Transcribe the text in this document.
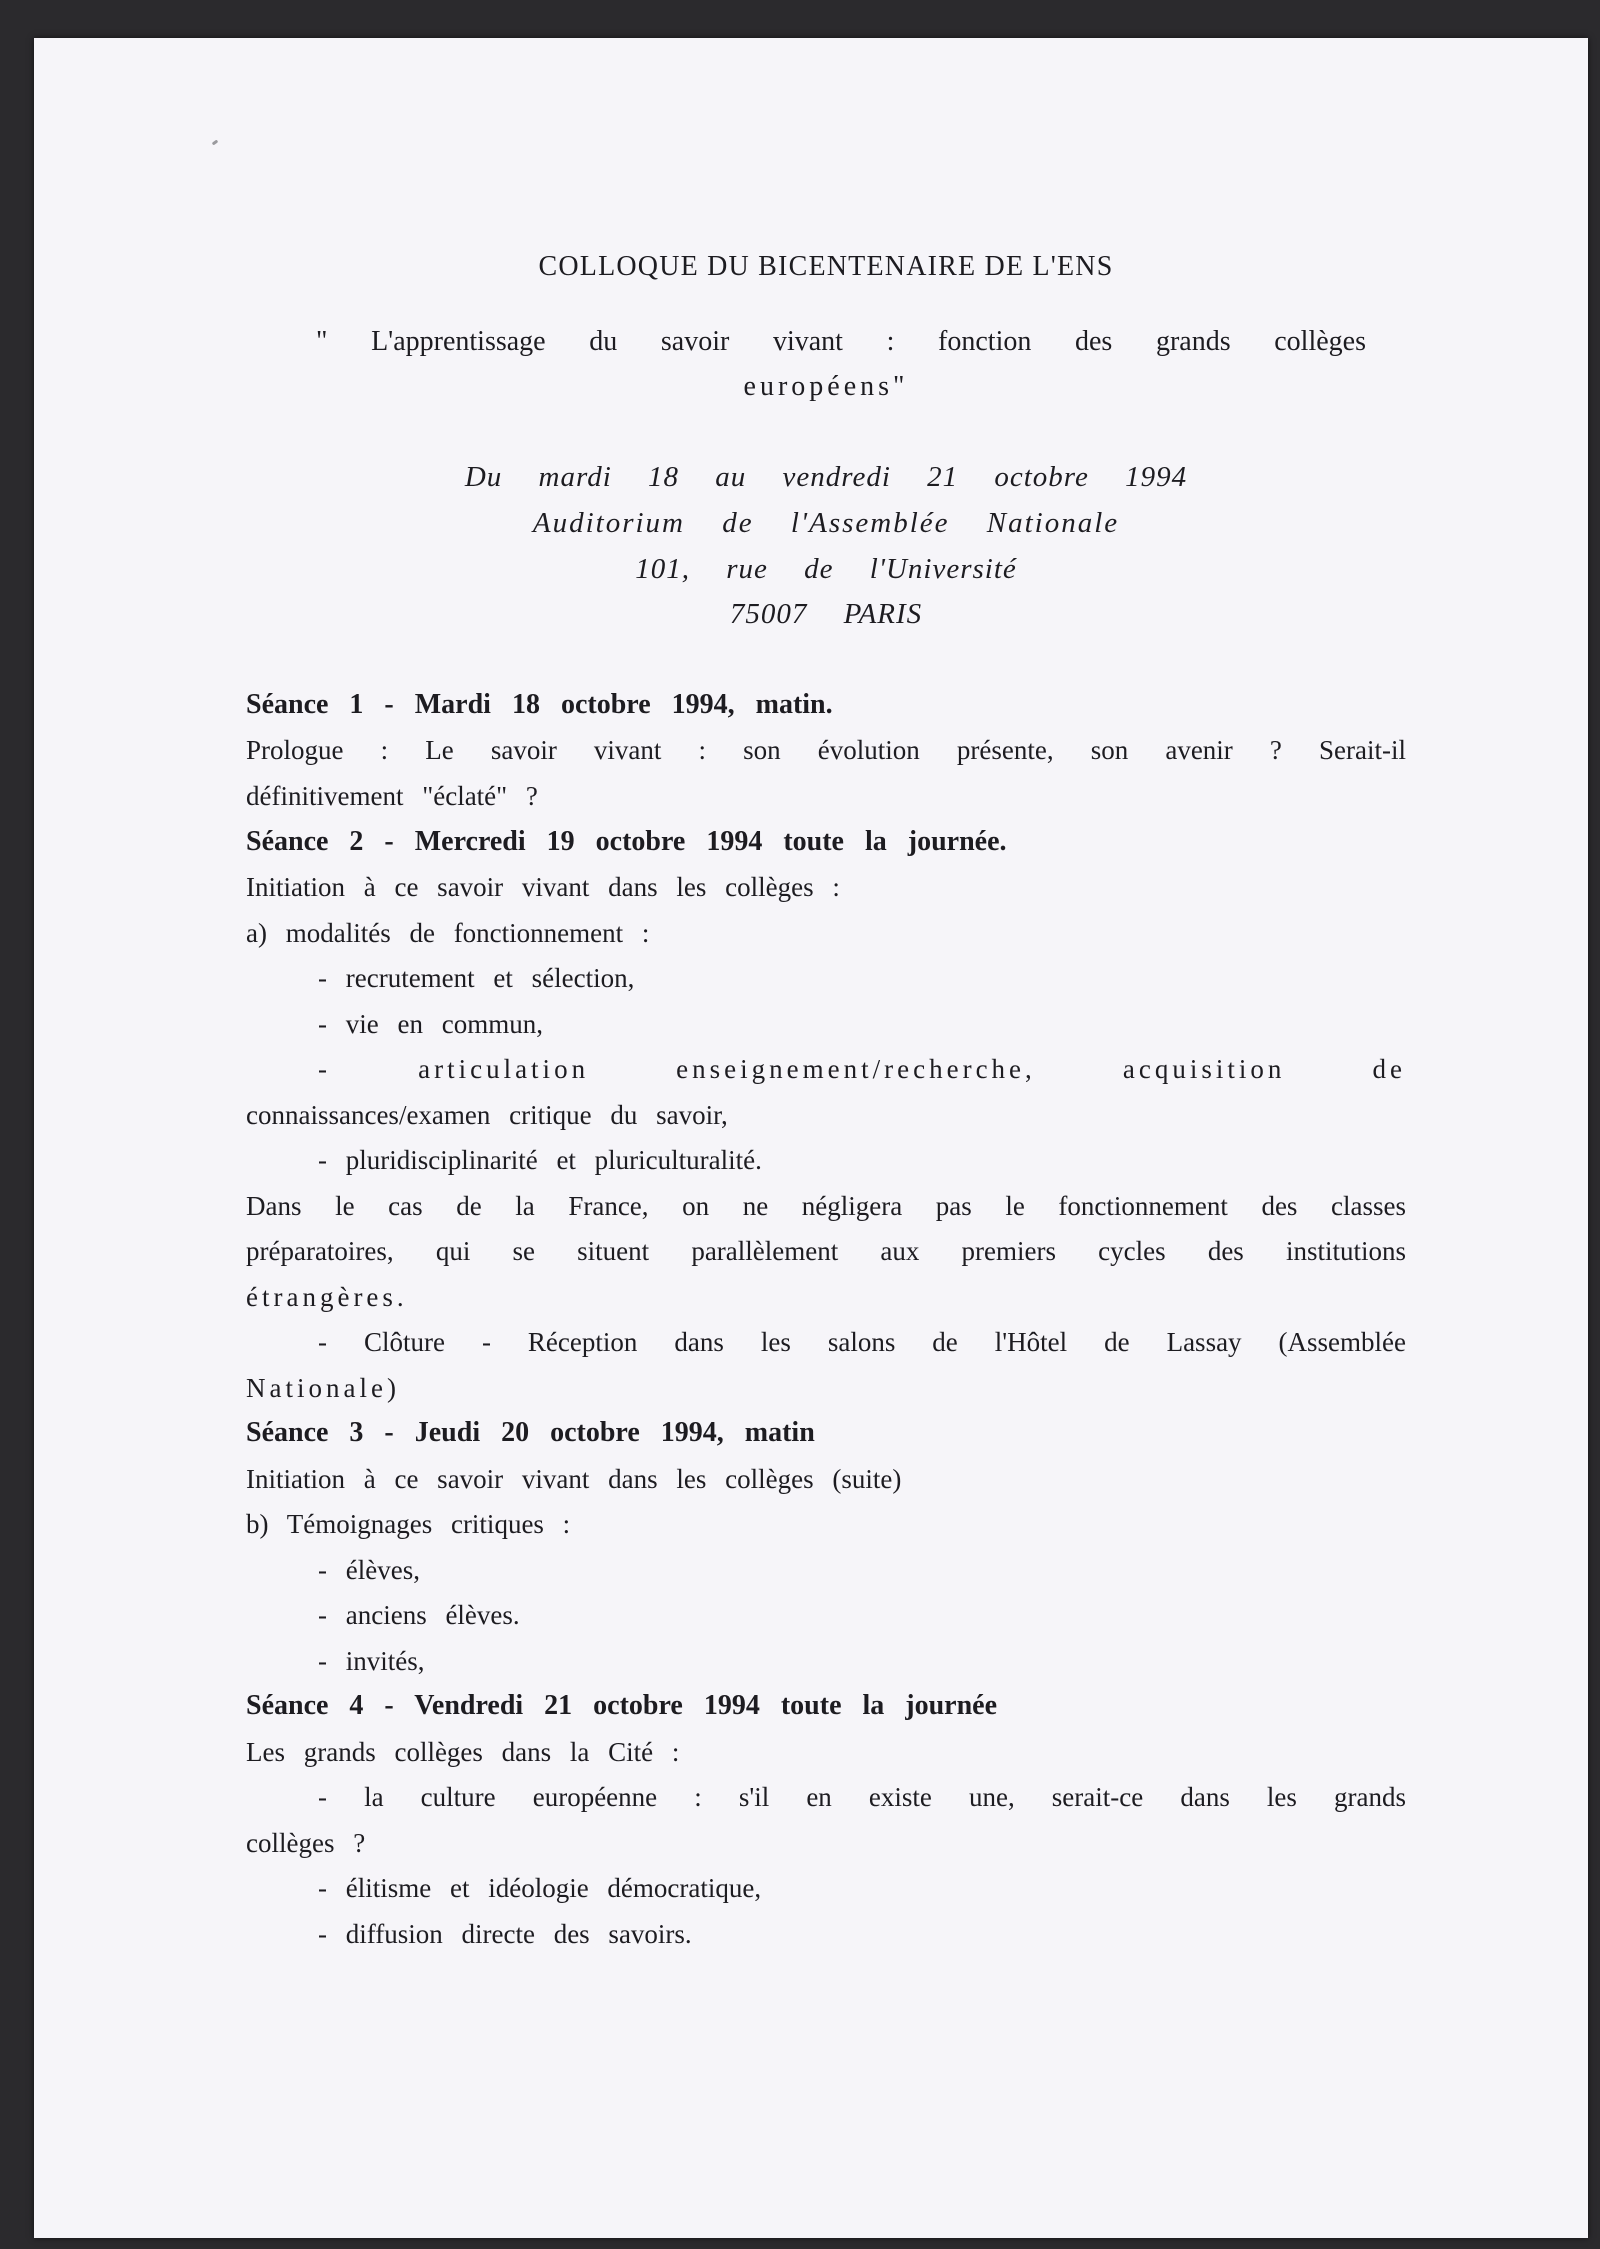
COLLOQUE DU BICENTENAIRE DE L'ENS
" L'apprentissage du savoir vivant : fonction des grands collèges
européens"
Du mardi 18 au vendredi 21 octobre 1994
Auditorium de l'Assemblée Nationale
101, rue de l'Université
75007 PARIS
Séance 1 - Mardi 18 octobre 1994, matin.
Prologue : Le savoir vivant : son évolution présente, son avenir ? Serait-il
définitivement "éclaté" ?
Séance 2 - Mercredi 19 octobre 1994 toute la journée.
Initiation à ce savoir vivant dans les collèges :
a) modalités de fonctionnement :
- recrutement et sélection,
- vie en commun,
- articulation enseignement/recherche, acquisition de
connaissances/examen critique du savoir,
- pluridisciplinarité et pluriculturalité.
Dans le cas de la France, on ne négligera pas le fonctionnement des classes
préparatoires, qui se situent parallèlement aux premiers cycles des institutions
étrangères.
- Clôture - Réception dans les salons de l'Hôtel de Lassay (Assemblée
Nationale)
Séance 3 - Jeudi 20 octobre 1994, matin
Initiation à ce savoir vivant dans les collèges (suite)
b) Témoignages critiques :
- élèves,
- anciens élèves.
- invités,
Séance 4 - Vendredi 21 octobre 1994 toute la journée
Les grands collèges dans la Cité :
- la culture européenne : s'il en existe une, serait-ce dans les grands
collèges ?
- élitisme et idéologie démocratique,
- diffusion directe des savoirs.
